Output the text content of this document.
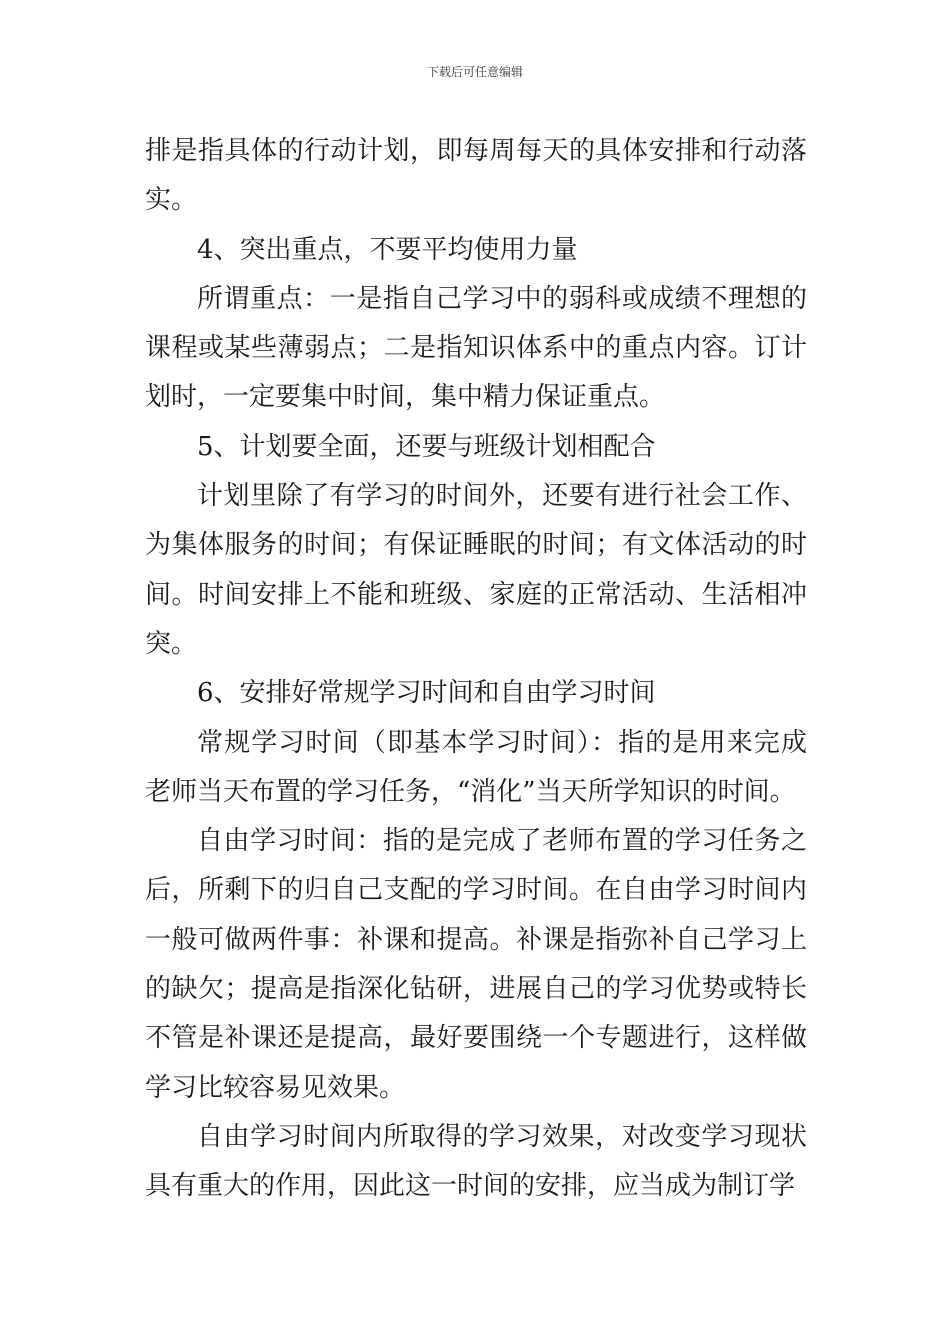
下载后可任意编辑

排是指具体的行动计划，即每周每天的具体安排和行动落实。

4、突出重点，不要平均使用力量

所谓重点：一是指自己学习中的弱科或成绩不理想的课程或某些薄弱点；二是指知识体系中的重点内容。订计划时，一定要集中时间，集中精力保证重点。

5、计划要全面，还要与班级计划相配合

计划里除了有学习的时间外，还要有进行社会工作、为集体服务的时间；有保证睡眠的时间；有文体活动的时间。时间安排上不能和班级、家庭的正常活动、生活相冲突。

6、安排好常规学习时间和自由学习时间

常规学习时间（即基本学习时间）：指的是用来完成老师当天布置的学习任务，“消化”当天所学知识的时间。

自由学习时间：指的是完成了老师布置的学习任务之后，所剩下的归自己支配的学习时间。在自由学习时间内一般可做两件事：补课和提高。补课是指弥补自己学习上的缺欠；提高是指深化钻研，进展自己的学习优势或特长不管是补课还是提高，最好要围绕一个专题进行，这样做学习比较容易见效果。

自由学习时间内所取得的学习效果，对改变学习现状具有重大的作用，因此这一时间的安排，应当成为制订学
